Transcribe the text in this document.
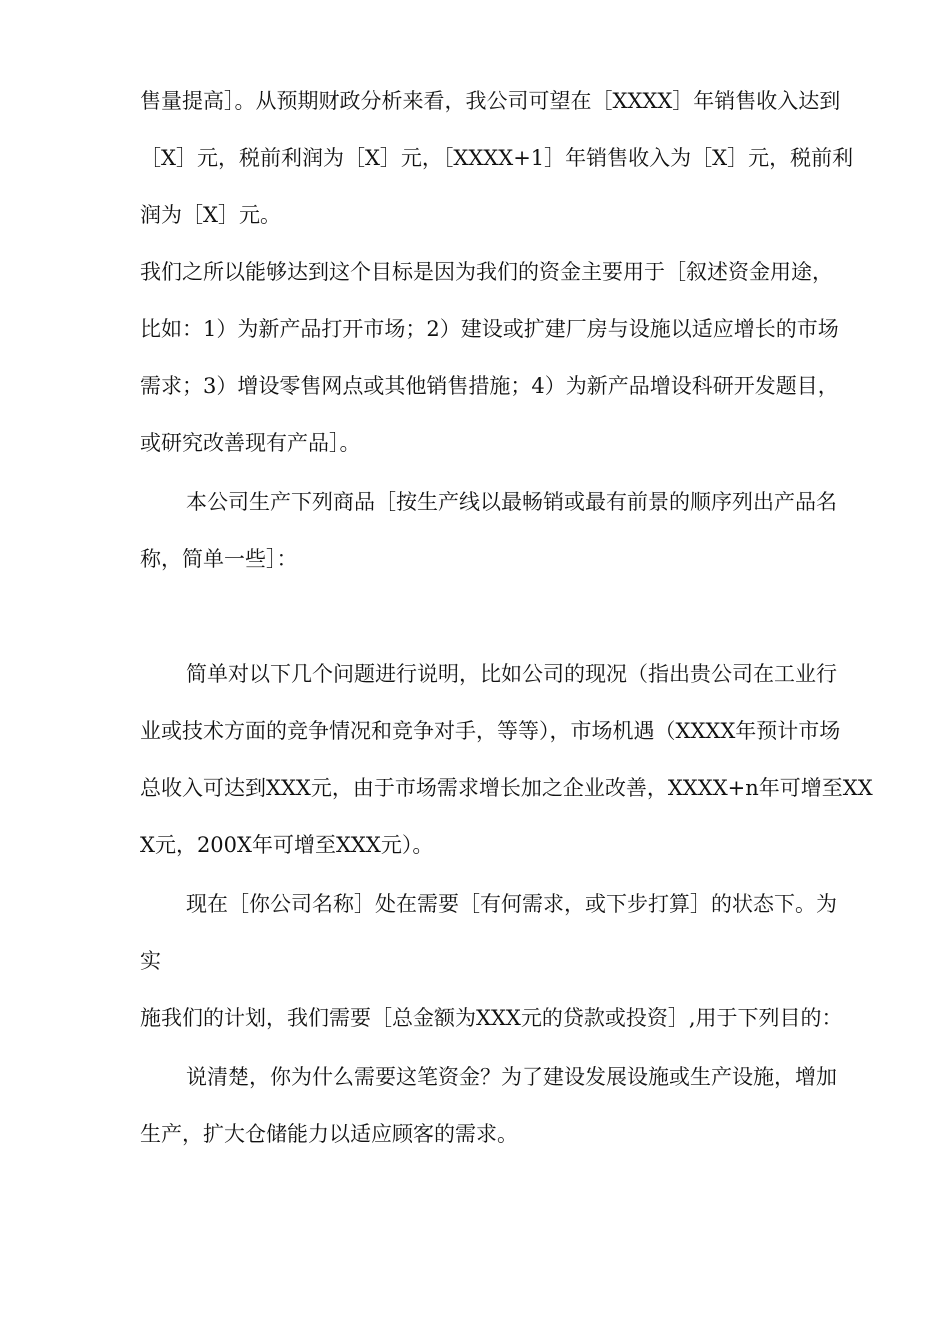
售量提高］。从预期财政分析来看，我公司可望在［XXXX］年销售收入达到

［X］元，税前利润为［X］元，［XXXX+1］年销售收入为［X］元，税前利

润为［X］元。

我们之所以能够达到这个目标是因为我们的资金主要用于［叙述资金用途，

比如：1）为新产品打开市场；2）建设或扩建厂房与设施以适应增长的市场

需求；3）增设零售网点或其他销售措施；4）为新产品增设科研开发题目，

或研究改善现有产品］。

本公司生产下列商品［按生产线以最畅销或最有前景的顺序列出产品名

称，简单一些］：

简单对以下几个问题进行说明，比如公司的现况（指出贵公司在工业行

业或技术方面的竞争情况和竞争对手，等等），市场机遇（XXXX年预计市场

总收入可达到XXX元，由于市场需求增长加之企业改善，XXXX+n年可增至XX

X元，200X年可增至XXX元）。

现在［你公司名称］处在需要［有何需求，或下步打算］的状态下。为

实

施我们的计划，我们需要［总金额为XXX元的贷款或投资］,用于下列目的：

说清楚，你为什么需要这笔资金？为了建设发展设施或生产设施，增加

生产，扩大仓储能力以适应顾客的需求。
